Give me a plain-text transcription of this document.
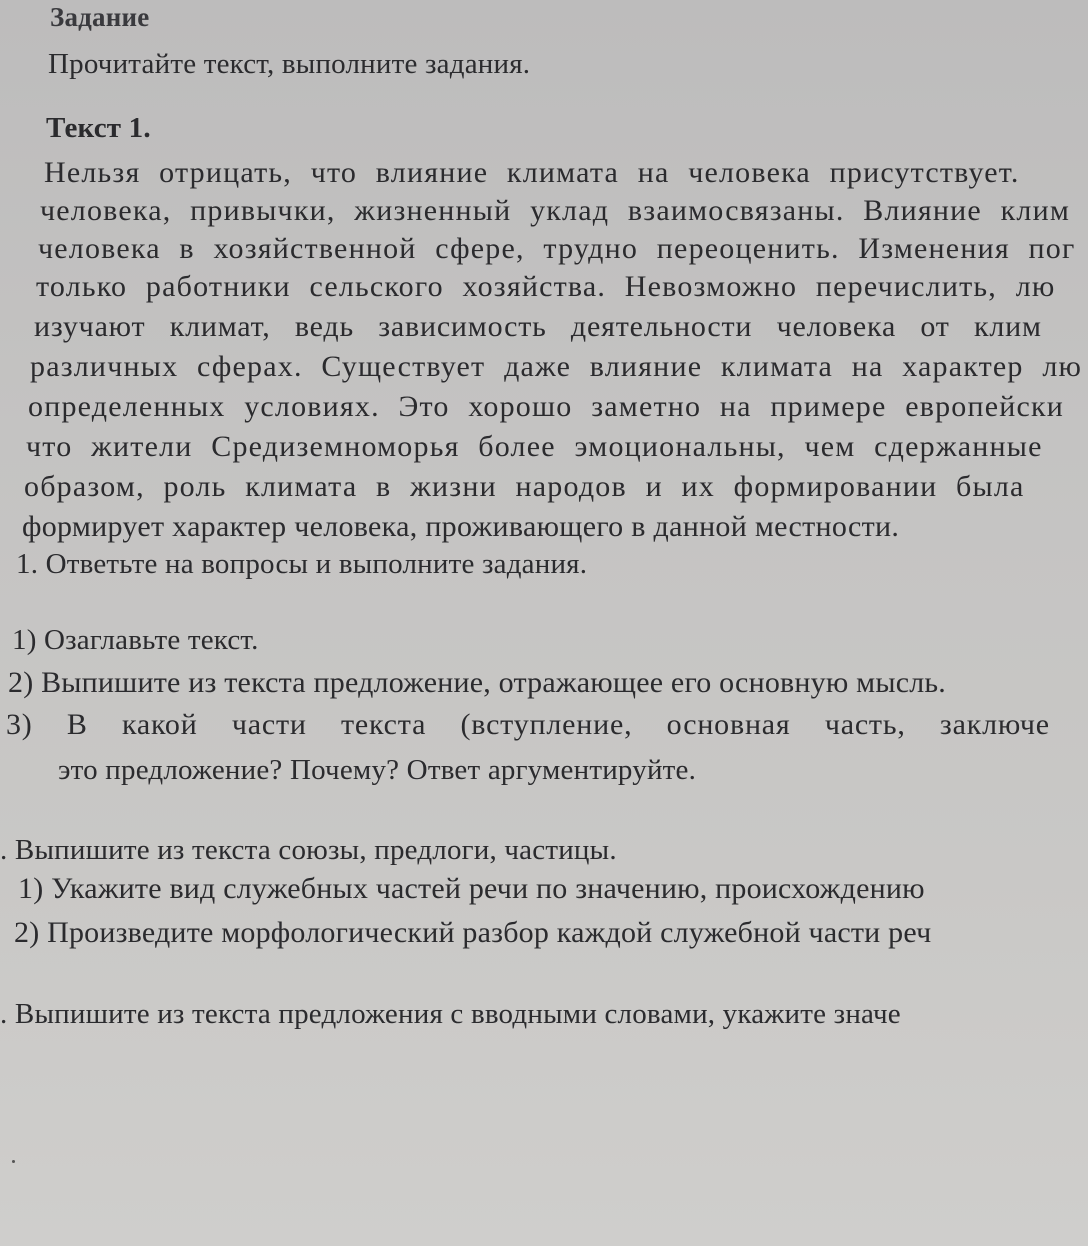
Задание
Прочитайте текст, выполните задания.
Текст 1.
Нельзя отрицать, что влияние климата на человека присутствует.
человека, привычки, жизненный уклад взаимосвязаны. Влияние клим
человека в хозяйственной сфере, трудно переоценить. Изменения пог
только работники сельского хозяйства. Невозможно перечислить, лю
изучают климат, ведь зависимость деятельности человека от клим
различных сферах. Существует даже влияние климата на характер лю
определенных условиях. Это хорошо заметно на примере европейски
что жители Средиземноморья более эмоциональны, чем сдержанные
образом, роль климата в жизни народов и их формировании была
формирует характер человека, проживающего в данной местности.
1. Ответьте на вопросы и выполните задания.
1) Озаглавьте текст.
2) Выпишите из текста предложение, отражающее его основную мысль.
3) В какой части текста (вступление, основная часть, заключе
это предложение? Почему? Ответ аргументируйте.
. Выпишите из текста союзы, предлоги, частицы.
1) Укажите вид служебных частей речи по значению, происхождению
2) Произведите морфологический разбор каждой служебной части реч
. Выпишите из текста предложения с вводными словами, укажите значе
